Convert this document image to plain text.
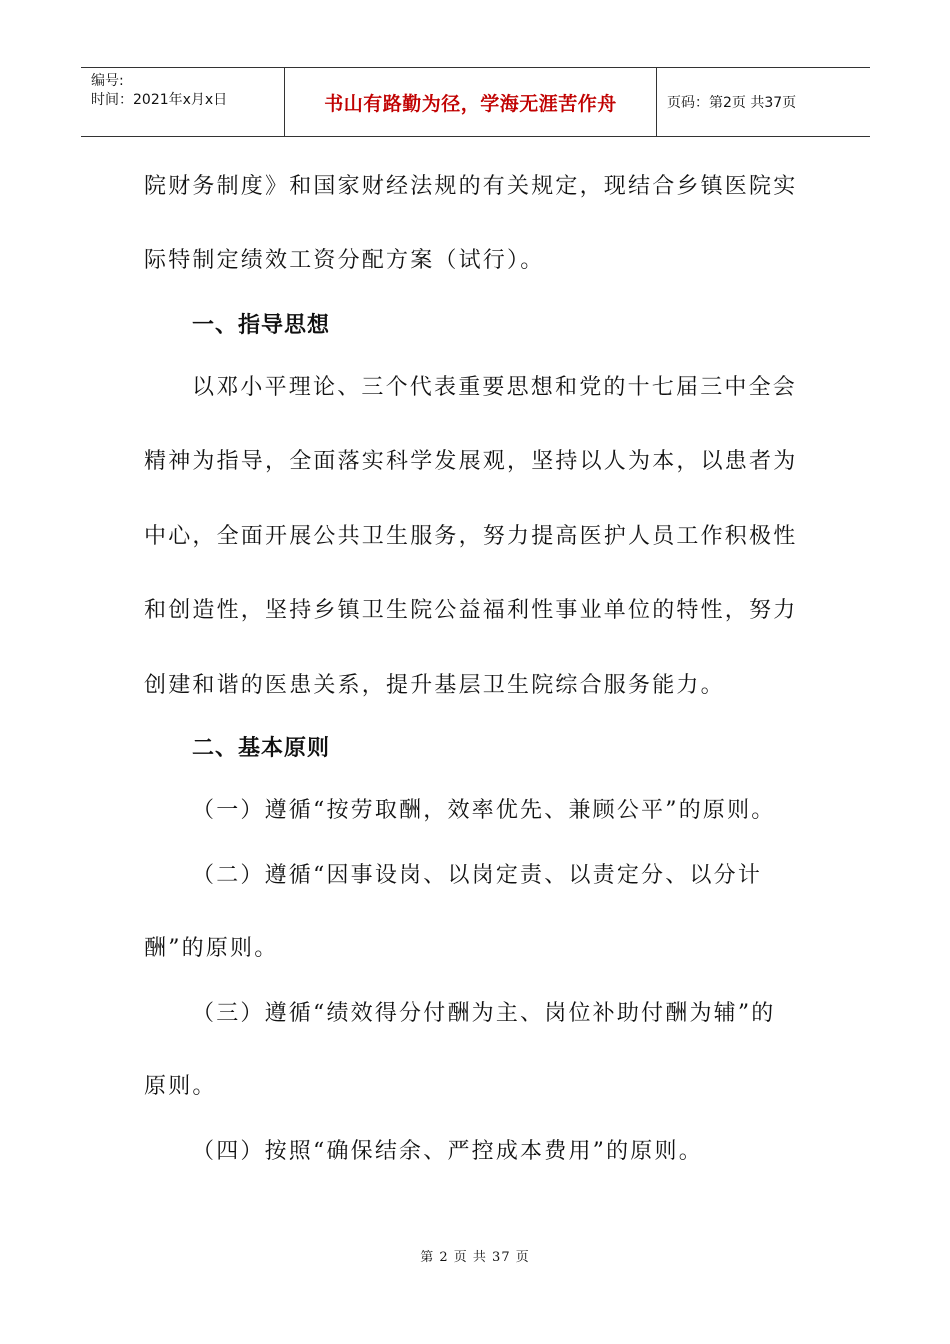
编号:
时间：2021年x月x日	书山有路勤为径，学海无涯苦作舟	页码：第2页 共37页
院财务制度》和国家财经法规的有关规定，现结合乡镇医院实
际特制定绩效工资分配方案（试行）。
一、指导思想
以邓小平理论、三个代表重要思想和党的十七届三中全会
精神为指导，全面落实科学发展观，坚持以人为本，以患者为
中心，全面开展公共卫生服务，努力提高医护人员工作积极性
和创造性，坚持乡镇卫生院公益福利性事业单位的特性，努力
创建和谐的医患关系，提升基层卫生院综合服务能力。
二、基本原则
（一）遵循“按劳取酬，效率优先、兼顾公平”的原则。
（二）遵循“因事设岗、以岗定责、以责定分、以分计
酬”的原则。
（三）遵循“绩效得分付酬为主、岗位补助付酬为辅”的
原则。
（四）按照“确保结余、严控成本费用”的原则。
第 2 页 共 37 页
